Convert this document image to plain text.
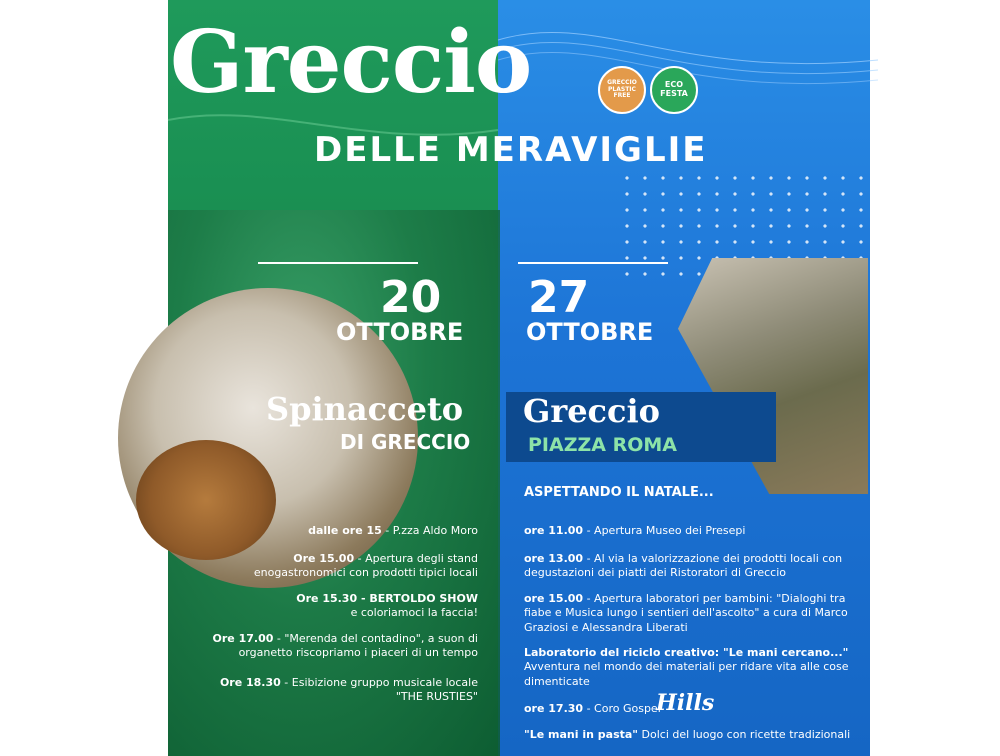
Greccio
DELLE MERAVIGLIE
GRECCIO PLASTIC FREE
ECO FESTA
20
OTTOBRE
27
OTTOBRE
Spinacceto
DI GRECCIO
Greccio
PIAZZA ROMA
ASPETTANDO IL NATALE...
dalle ore 15 - P.zza Aldo Moro
Ore 15.00 - Apertura degli stand enogastronomici con prodotti tipici locali
Ore 15.30 - BERTOLDO SHOW
e coloriamoci la faccia!
Ore 17.00 - "Merenda del contadino", a suon di organetto riscopriamo i piaceri di un tempo
Ore 18.30 - Esibizione gruppo musicale locale "THE RUSTIES"
ore 11.00 - Apertura Museo dei Presepi
ore 13.00 - Al via la valorizzazione dei prodotti locali con degustazioni dei piatti dei Ristoratori di Greccio
ore 15.00 - Apertura laboratori per bambini: "Dialoghi tra fiabe e Musica lungo i sentieri dell'ascolto" a cura di Marco Graziosi e Alessandra Liberati
Laboratorio del riciclo creativo: "Le mani cercano..." Avventura nel mondo dei materiali per ridare vita alle cose dimenticate
ore 17.30 - Coro Gospel
Hills
"Le mani in pasta" Dolci del luogo con ricette tradizionali
